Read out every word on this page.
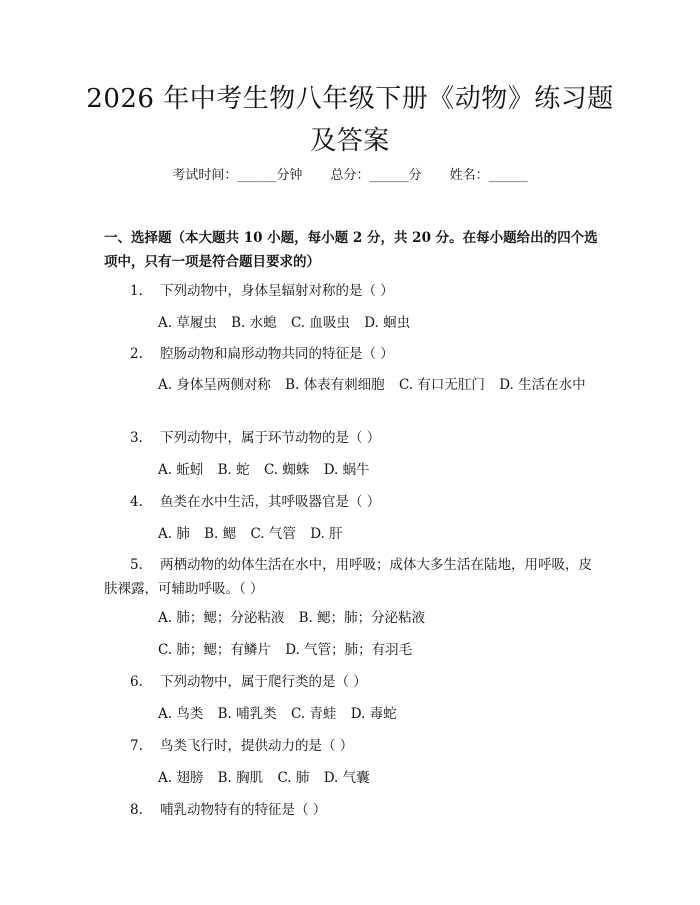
2026 年中考生物八年级下册《动物》练习题
及答案
考试时间：______分钟 总分：______分 姓名：______
一、选择题（本大题共 10 小题，每小题 2 分，共 20 分。在每小题给出的四个选项中，只有一项是符合题目要求的）
1. 下列动物中，身体呈辐射对称的是（ ）
A. 草履虫 B. 水螅 C. 血吸虫 D. 蛔虫
2. 腔肠动物和扁形动物共同的特征是（ ）
A. 身体呈两侧对称 B. 体表有刺细胞 C. 有口无肛门 D. 生活在水中
3. 下列动物中，属于环节动物的是（ ）
A. 蚯蚓 B. 蛇 C. 蜘蛛 D. 蜗牛
4. 鱼类在水中生活，其呼吸器官是（ ）
A. 肺 B. 鳃 C. 气管 D. 肝
5. 两栖动物的幼体生活在水中，用呼吸；成体大多生活在陆地，用呼吸，皮肤裸露，可辅助呼吸。（ ）
A. 肺；鳃；分泌粘液 B. 鳃；肺；分泌粘液
C. 肺；鳃；有鳞片 D. 气管；肺；有羽毛
6. 下列动物中，属于爬行类的是（ ）
A. 鸟类 B. 哺乳类 C. 青蛙 D. 毒蛇
7. 鸟类飞行时，提供动力的是（ ）
A. 翅膀 B. 胸肌 C. 肺 D. 气囊
8. 哺乳动物特有的特征是（ ）
